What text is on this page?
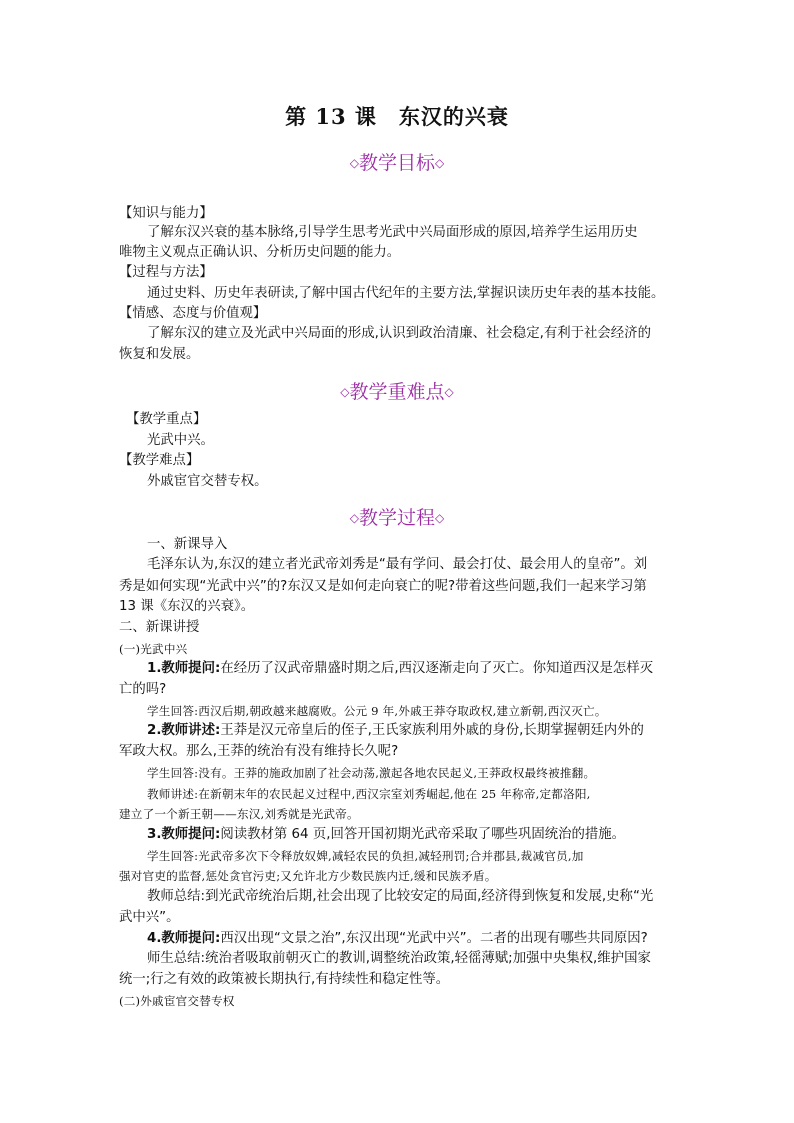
第 13 课　东汉的兴衰
◇教学目标◇
【知识与能力】
了解东汉兴衰的基本脉络,引导学生思考光武中兴局面形成的原因,培养学生运用历史
唯物主义观点正确认识、分析历史问题的能力。
【过程与方法】
通过史料、历史年表研读,了解中国古代纪年的主要方法,掌握识读历史年表的基本技能。
【情感、态度与价值观】
了解东汉的建立及光武中兴局面的形成,认识到政治清廉、社会稳定,有利于社会经济的
恢复和发展。
◇教学重难点◇
【教学重点】
光武中兴。
【教学难点】
外戚宦官交替专权。
◇教学过程◇
一、新课导入
毛泽东认为,东汉的建立者光武帝刘秀是“最有学问、最会打仗、最会用人的皇帝”。刘
秀是如何实现“光武中兴”的?东汉又是如何走向衰亡的呢?带着这些问题,我们一起来学习第
13 课《东汉的兴衰》。
二、新课讲授
(一)光武中兴
1.教师提问:在经历了汉武帝鼎盛时期之后,西汉逐渐走向了灭亡。你知道西汉是怎样灭
亡的吗?
学生回答:西汉后期,朝政越来越腐败。公元 9 年,外戚王莽夺取政权,建立新朝,西汉灭亡。
2.教师讲述:王莽是汉元帝皇后的侄子,王氏家族利用外戚的身份,长期掌握朝廷内外的
军政大权。那么,王莽的统治有没有维持长久呢?
学生回答:没有。王莽的施政加剧了社会动荡,激起各地农民起义,王莽政权最终被推翻。
教师讲述:在新朝末年的农民起义过程中,西汉宗室刘秀崛起,他在 25 年称帝,定都洛阳,
建立了一个新王朝——东汉,刘秀就是光武帝。
3.教师提问:阅读教材第 64 页,回答开国初期光武帝采取了哪些巩固统治的措施。
学生回答:光武帝多次下令释放奴婢,减轻农民的负担,减轻刑罚;合并郡县,裁减官员,加
强对官吏的监督,惩处贪官污吏;又允许北方少数民族内迁,缓和民族矛盾。
教师总结:到光武帝统治后期,社会出现了比较安定的局面,经济得到恢复和发展,史称“光
武中兴”。
4.教师提问:西汉出现“文景之治”,东汉出现“光武中兴”。二者的出现有哪些共同原因?
师生总结:统治者吸取前朝灭亡的教训,调整统治政策,轻徭薄赋;加强中央集权,维护国家
统一;行之有效的政策被长期执行,有持续性和稳定性等。
(二)外戚宦官交替专权
